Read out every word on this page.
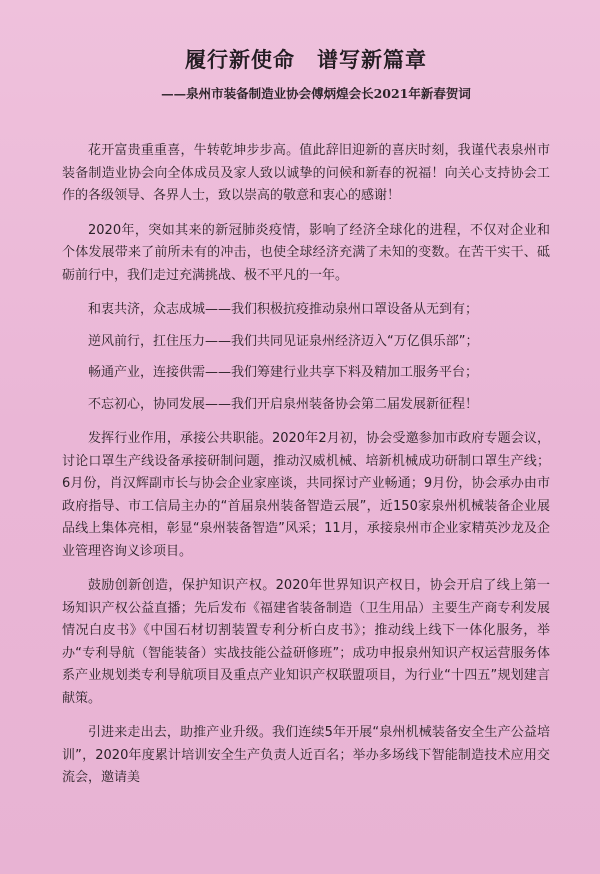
履行新使命 谱写新篇章
——泉州市装备制造业协会傅炳煌会长2021年新春贺词

花开富贵重重喜，牛转乾坤步步高。值此辞旧迎新的喜庆时刻，我谨代表泉州市装备制造业协会向全体成员及家人致以诚挚的问候和新春的祝福！向关心支持协会工作的各级领导、各界人士，致以崇高的敬意和衷心的感谢！

2020年，突如其来的新冠肺炎疫情，影响了经济全球化的进程，不仅对企业和个体发展带来了前所未有的冲击，也使全球经济充满了未知的变数。在苦干实干、砥砺前行中，我们走过充满挑战、极不平凡的一年。

和衷共济，众志成城——我们积极抗疫推动泉州口罩设备从无到有；

逆风前行，扛住压力——我们共同见证泉州经济迈入“万亿俱乐部”；

畅通产业，连接供需——我们筹建行业共享下料及精加工服务平台；

不忘初心，协同发展——我们开启泉州装备协会第二届发展新征程！

发挥行业作用，承接公共职能。2020年2月初，协会受邀参加市政府专题会议，讨论口罩生产线设备承接研制问题，推动汉威机械、培新机械成功研制口罩生产线；6月份，肖汉辉副市长与协会企业家座谈，共同探讨产业畅通；9月份，协会承办由市政府指导、市工信局主办的“首届泉州装备智造云展”，近150家泉州机械装备企业展品线上集体亮相，彰显“泉州装备智造”风采；11月，承接泉州市企业家精英沙龙及企业管理咨询义诊项目。

鼓励创新创造，保护知识产权。2020年世界知识产权日，协会开启了线上第一场知识产权公益直播；先后发布《福建省装备制造（卫生用品）主要生产商专利发展情况白皮书》《中国石材切割装置专利分析白皮书》；推动线上线下一体化服务，举办“专利导航（智能装备）实战技能公益研修班”；成功申报泉州知识产权运营服务体系产业规划类专利导航项目及重点产业知识产权联盟项目，为行业“十四五”规划建言献策。

引进来走出去，助推产业升级。我们连续5年开展“泉州机械装备安全生产公益培训”，2020年度累计培训安全生产负责人近百名；举办多场线下智能制造技术应用交流会，邀请美
